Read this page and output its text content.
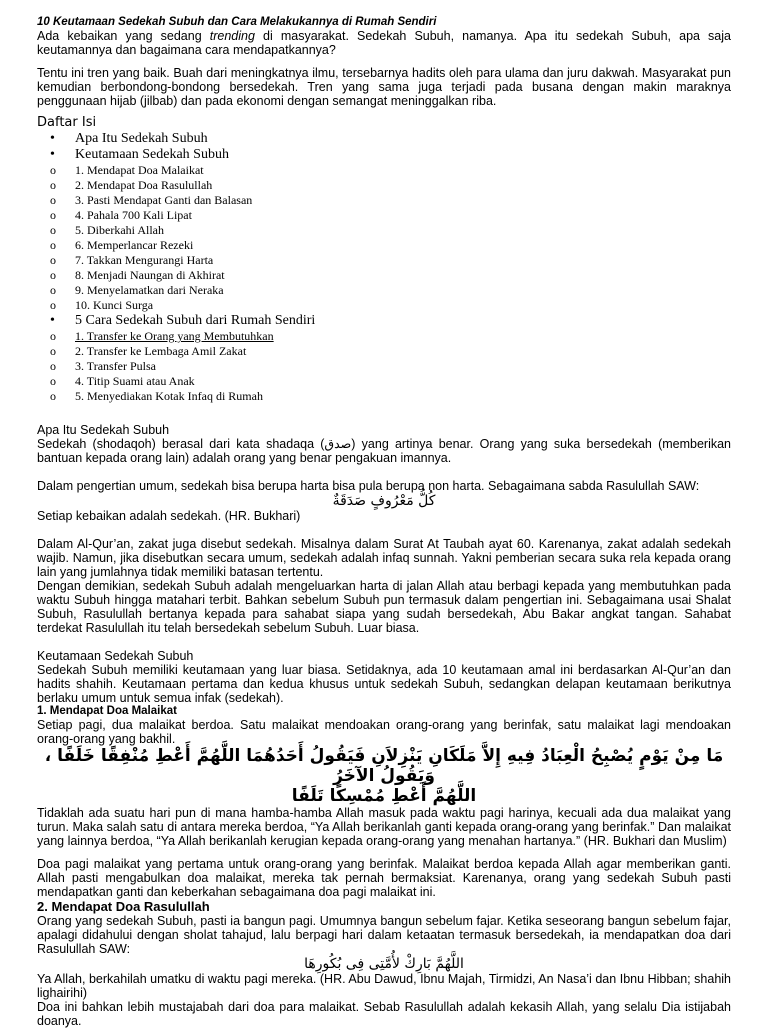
10 Keutamaan Sedekah Subuh dan Cara Melakukannya di Rumah Sendiri

Ada kebaikan yang sedang trending di masyarakat. Sedekah Subuh, namanya. Apa itu sedekah Subuh, apa saja keutamannya dan bagaimana cara mendapatkannya?

Tentu ini tren yang baik. Buah dari meningkatnya ilmu, tersebarnya hadits oleh para ulama dan juru dakwah. Masyarakat pun kemudian berbondong-bondong bersedekah. Tren yang sama juga terjadi pada busana dengan makin maraknya penggunaan hijab (jilbab) dan pada ekonomi dengan semangat meninggalkan riba.

Daftar Isi
• Apa Itu Sedekah Subuh
• Keutamaan Sedekah Subuh
o 1. Mendapat Doa Malaikat
o 2. Mendapat Doa Rasulullah
o 3. Pasti Mendapat Ganti dan Balasan
o 4. Pahala 700 Kali Lipat
o 5. Diberkahi Allah
o 6. Memperlancar Rezeki
o 7. Takkan Mengurangi Harta
o 8. Menjadi Naungan di Akhirat
o 9. Menyelamatkan dari Neraka
o 10. Kunci Surga
• 5 Cara Sedekah Subuh dari Rumah Sendiri
o 1. Transfer ke Orang yang Membutuhkan
o 2. Transfer ke Lembaga Amil Zakat
o 3. Transfer Pulsa
o 4. Titip Suami atau Anak
o 5. Menyediakan Kotak Infaq di Rumah
Apa Itu Sedekah Subuh

Sedekah (shodaqoh) berasal dari kata shadaqa (صدق) yang artinya benar. Orang yang suka bersedekah (memberikan bantuan kepada orang lain) adalah orang yang benar pengakuan imannya.

Dalam pengertian umum, sedekah bisa berupa harta bisa pula berupa non harta. Sebagaimana sabda Rasulullah SAW:

كُلُّ مَعْرُوفٍ صَدَقَةٌ

Setiap kebaikan adalah sedekah. (HR. Bukhari)

Dalam Al-Qur’an, zakat juga disebut sedekah. Misalnya dalam Surat At Taubah ayat 60. Karenanya, zakat adalah sedekah wajib. Namun, jika disebutkan secara umum, sedekah adalah infaq sunnah. Yakni pemberian secara suka rela kepada orang lain yang jumlahnya tidak memiliki batasan tertentu.

Dengan demikian, sedekah Subuh adalah mengeluarkan harta di jalan Allah atau berbagi kepada yang membutuhkan pada waktu Subuh hingga matahari terbit. Bahkan sebelum Subuh pun termasuk dalam pengertian ini. Sebagaimana usai Shalat Subuh, Rasulullah bertanya kepada para sahabat siapa yang sudah bersedekah, Abu Bakar angkat tangan. Sahabat terdekat Rasulullah itu telah bersedekah sebelum Subuh. Luar biasa.

Keutamaan Sedekah Subuh

Sedekah Subuh memiliki keutamaan yang luar biasa. Setidaknya, ada 10 keutamaan amal ini berdasarkan Al-Qur’an dan hadits shahih. Keutamaan pertama dan kedua khusus untuk sedekah Subuh, sedangkan delapan keutamaan berikutnya berlaku umum untuk semua infak (sedekah).

1. Mendapat Doa Malaikat

Setiap pagi, dua malaikat berdoa. Satu malaikat mendoakan orang-orang yang berinfak, satu malaikat lagi mendoakan orang-orang yang bakhil.

مَا مِنْ يَوْمٍ يُصْبِحُ الْعِبَادُ فِيهِ إِلاَّ مَلَكَانِ يَنْزِلاَنِ فَيَقُولُ أَحَدُهُمَا اللَّهُمَّ أَعْطِ مُنْفِقًا خَلَفًا ، وَيَقُولُ الآخَرُ
اللَّهُمَّ أَعْطِ مُمْسِكًا تَلَفًا

Tidaklah ada suatu hari pun di mana hamba-hamba Allah masuk pada waktu pagi harinya, kecuali ada dua malaikat yang turun. Maka salah satu di antara mereka berdoa, “Ya Allah berikanlah ganti kepada orang-orang yang berinfak.” Dan malaikat yang lainnya berdoa, “Ya Allah berikanlah kerugian kepada orang-orang yang menahan hartanya.” (HR. Bukhari dan Muslim)

Doa pagi malaikat yang pertama untuk orang-orang yang berinfak. Malaikat berdoa kepada Allah agar memberikan ganti. Allah pasti mengabulkan doa malaikat, mereka tak pernah bermaksiat. Karenanya, orang yang sedekah Subuh pasti mendapatkan ganti dan keberkahan sebagaimana doa pagi malaikat ini.

2. Mendapat Doa Rasulullah

Orang yang sedekah Subuh, pasti ia bangun pagi. Umumnya bangun sebelum fajar. Ketika seseorang bangun sebelum fajar, apalagi didahului dengan sholat tahajud, lalu berpagi hari dalam ketaatan termasuk bersedekah, ia mendapatkan doa dari Rasulullah SAW:

اللَّهُمَّ بَارِكْ لأُمَّتِى فِى بُكُورِهَا

Ya Allah, berkahilah umatku di waktu pagi mereka. (HR. Abu Dawud, Ibnu Majah, Tirmidzi, An Nasa’i dan Ibnu Hibban; shahih lighairihi)

Doa ini bahkan lebih mustajabah dari doa para malaikat. Sebab Rasulullah adalah kekasih Allah, yang selalu Dia istijabah doanya.
